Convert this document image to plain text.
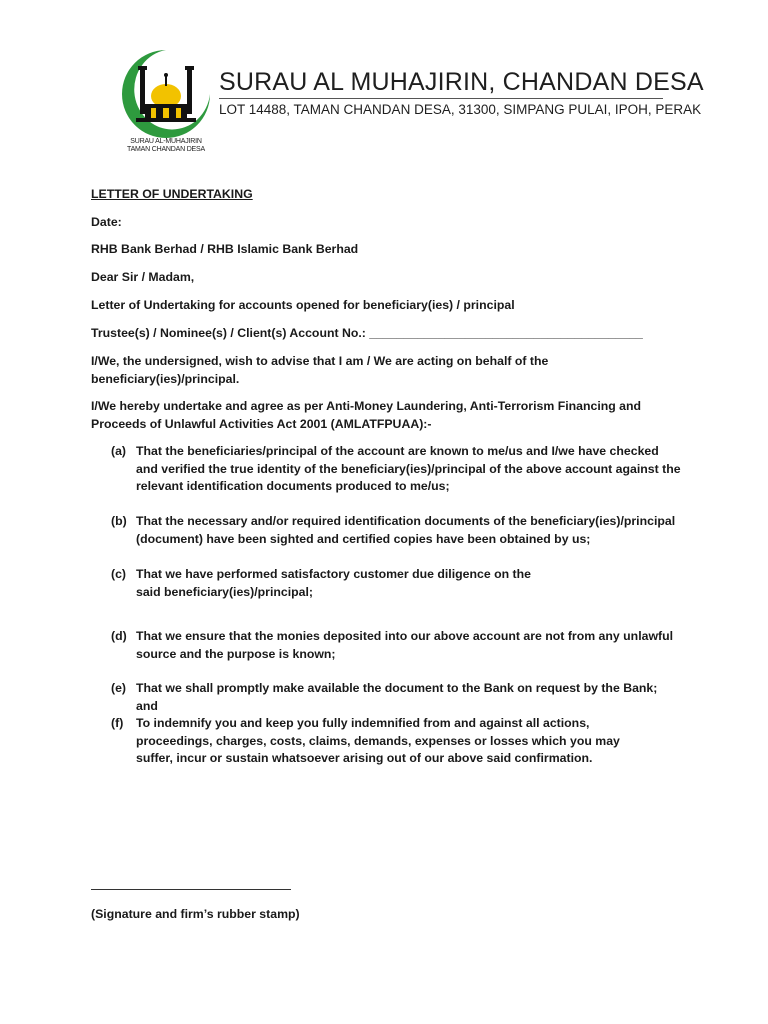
SURAU AL-MUHAJIRIN
TAMAN CHANDAN DESA
SURAU AL MUHAJIRIN, CHANDAN DESA
LOT 14488, TAMAN CHANDAN DESA, 31300, SIMPANG PULAI, IPOH, PERAK
LETTER OF UNDERTAKING
Date:
RHB Bank Berhad / RHB Islamic Bank Berhad
Dear Sir / Madam,
Letter of Undertaking for accounts opened for beneficiary(ies) / principal
Trustee(s) / Nominee(s) / Client(s) Account No.: ________________________________________
I/We, the undersigned, wish to advise that I am / We are acting on behalf of the beneficiary(ies)/principal.
I/We hereby undertake and agree as per Anti-Money Laundering, Anti-Terrorism Financing and Proceeds of Unlawful Activities Act 2001 (AMLATFPUAA):-
(a) That the beneficiaries/principal of the account are known to me/us and I/we have checked and verified the true identity of the beneficiary(ies)/principal of the above account against the relevant identification documents produced to me/us;
(b) That the necessary and/or required identification documents of the beneficiary(ies)/principal (document) have been sighted and certified copies have been obtained by us;
(c) That we have performed satisfactory customer due diligence on the said beneficiary(ies)/principal;
(d) That we ensure that the monies deposited into our above account are not from any unlawful source and the purpose is known;
(e) That we shall promptly make available the document to the Bank on request by the Bank; and
(f)	To indemnify you and keep you fully indemnified from and against all actions, proceedings, charges, costs, claims, demands, expenses or losses which you may suffer, incur or sustain whatsoever arising out of our above said confirmation.
(Signature and firm’s rubber stamp)
